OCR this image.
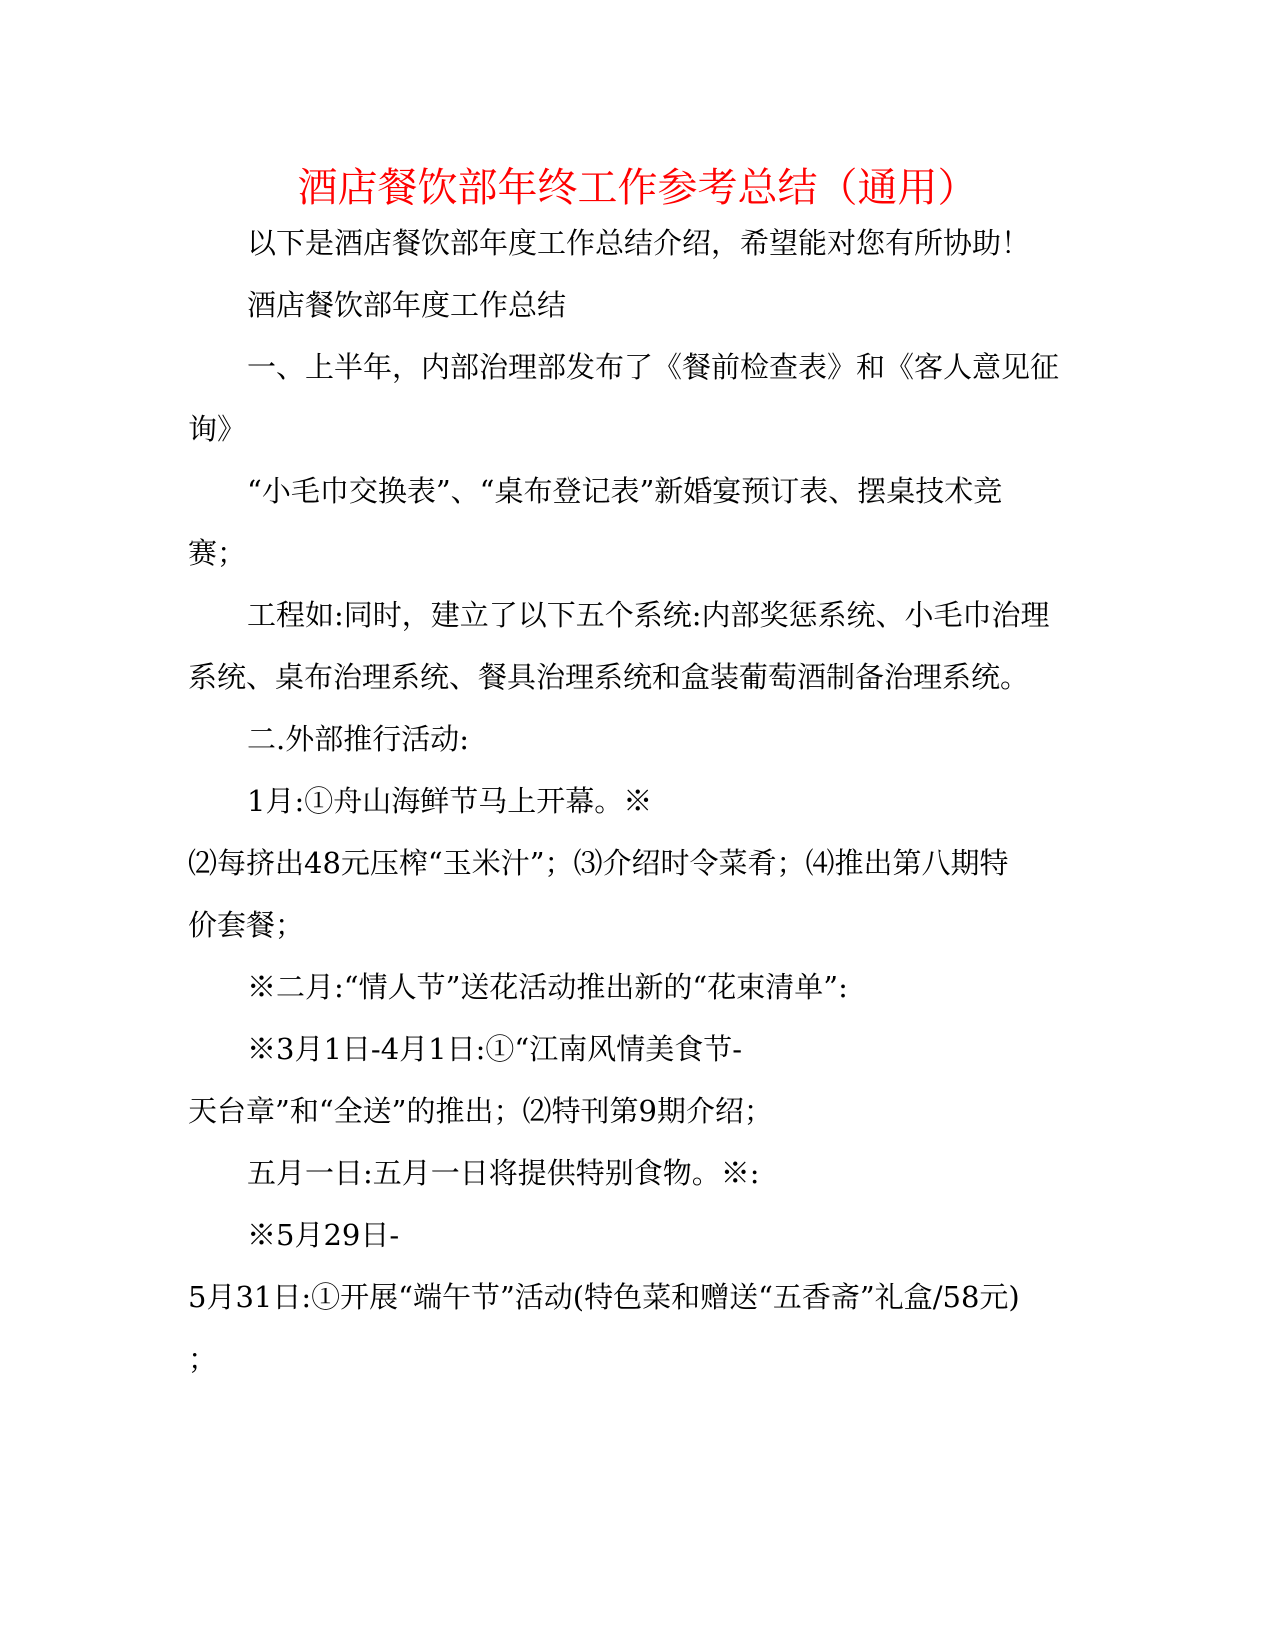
酒店餐饮部年终工作参考总结（通用）
以下是酒店餐饮部年度工作总结介绍，希望能对您有所协助！
酒店餐饮部年度工作总结
一、上半年，内部治理部发布了《餐前检查表》和《客人意见征
询》
“小毛巾交换表”、“桌布登记表”新婚宴预订表、摆桌技术竞
赛；
工程如:同时，建立了以下五个系统:内部奖惩系统、小毛巾治理
系统、桌布治理系统、餐具治理系统和盒装葡萄酒制备治理系统。
二.外部推行活动:
1月:①舟山海鲜节马上开幕。※
⑵每挤出48元压榨“玉米汁”；⑶介绍时令菜肴；⑷推出第八期特
价套餐；
※二月:“情人节”送花活动推出新的“花束清单”:
※3月1日-4月1日:①“江南风情美食节-
天台章”和“全送”的推出；⑵特刊第9期介绍；
五月一日:五月一日将提供特别食物。※:
※5月29日-
5月31日:①开展“端午节”活动(特色菜和赠送“五香斋”礼盒/58元)
；
